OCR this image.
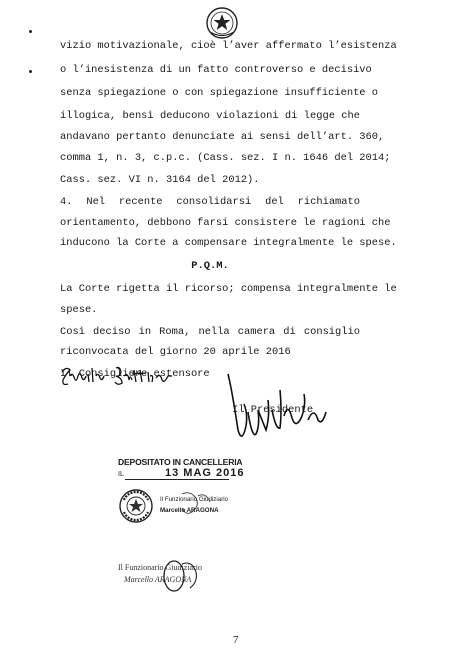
vizio motivazionale, cioè l’aver affermato l’esistenza
o l’inesistenza di un fatto controverso e decisivo
senza spiegazione o con spiegazione insufficiente o
illogica, bensì deducono violazioni di legge che
andavano pertanto denunciate ai sensi dell’art. 360,
comma 1, n. 3, c.p.c. (Cass. sez. I n. 1646 del 2014;
Cass. sez. VI n. 3164 del 2012).
4. Nel recente consolidarsi del richiamato
orientamento, debbono farsi consistere le ragioni che
inducono la Corte a compensare integralmente le spese.
P.Q.M.
La Corte rigetta il ricorso; compensa integralmente le
spese.
Così deciso in Roma, nella camera di consiglio
riconvocata del giorno 20 aprile 2016
Il Consigliere estensore
Il Presidente
DEPOSITATO IN CANCELLERIA
IL	13 MAG 2016
Il Funzionario Giudiziario
Marcello ARAGONA
Il Funzionario Giudiziario
Marcello ARAGONA
7
